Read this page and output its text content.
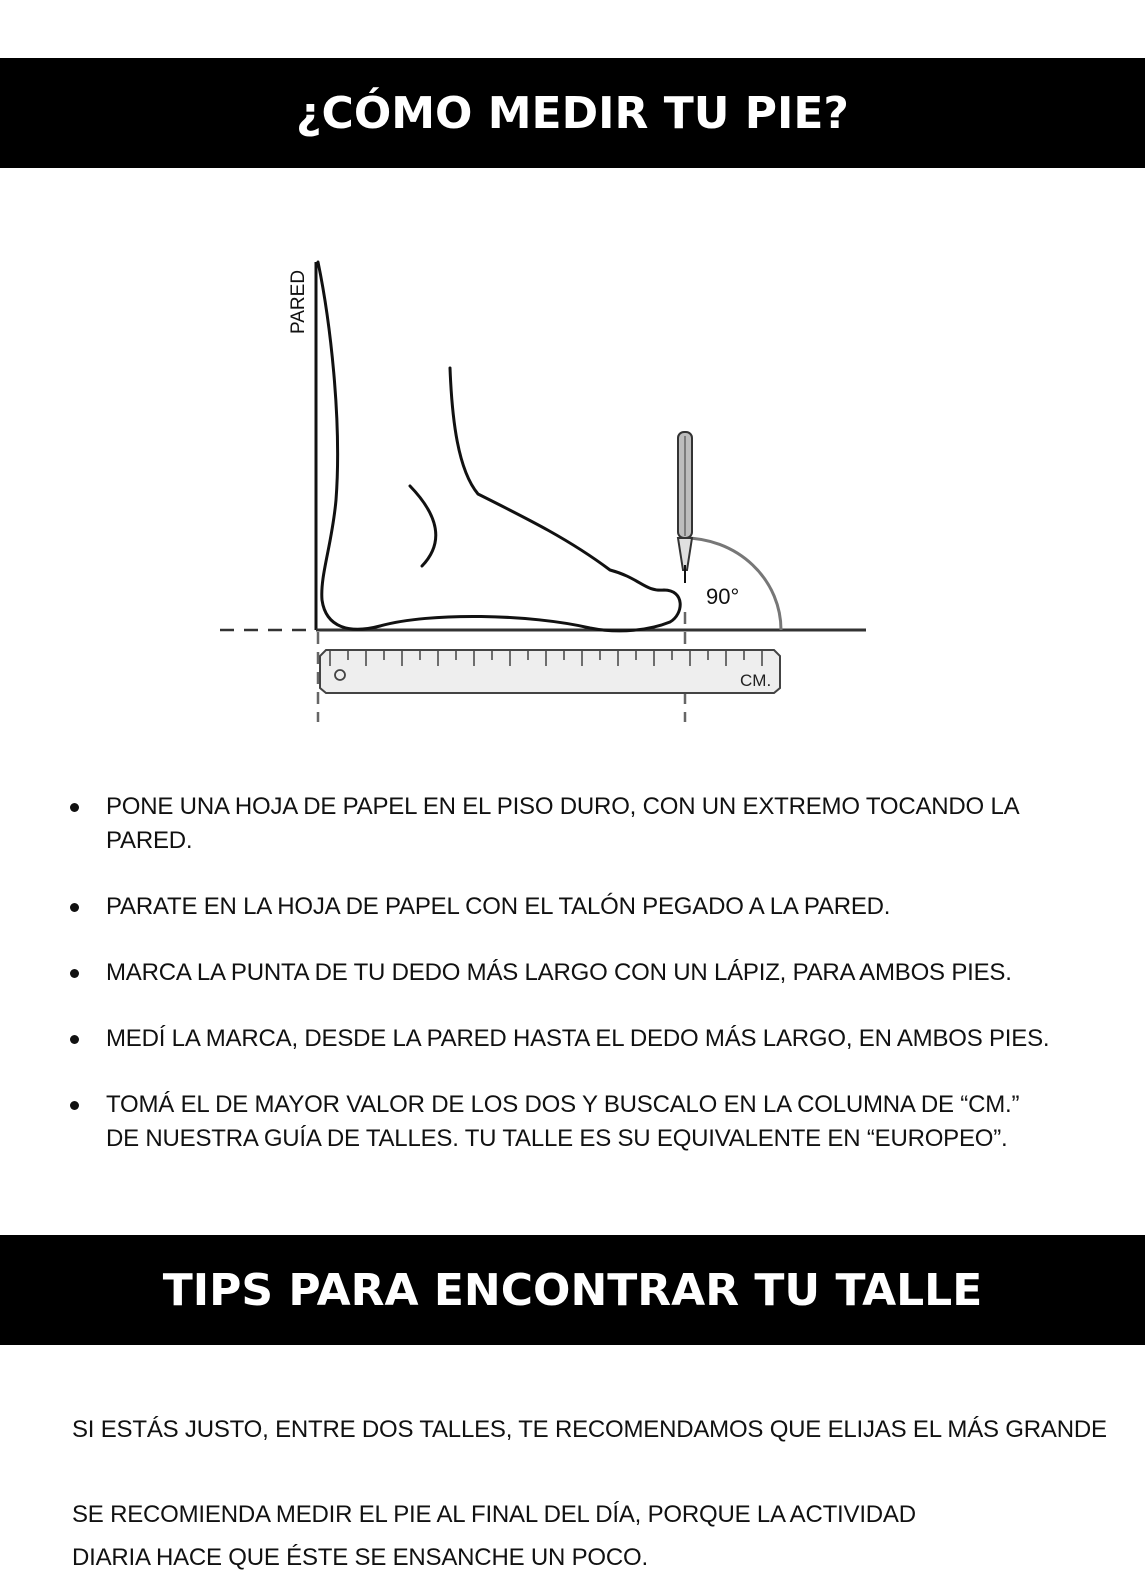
¿CÓMO MEDIR TU PIE?
PARED
90°
CM.
PONE UNA HOJA DE PAPEL EN EL PISO DURO, CON UN EXTREMO TOCANDO LA
PARED.
PARATE EN LA HOJA DE PAPEL CON EL TALÓN PEGADO A LA PARED.
MARCA LA PUNTA DE TU DEDO MÁS LARGO CON UN LÁPIZ, PARA AMBOS PIES.
MEDÍ LA MARCA, DESDE LA PARED HASTA EL DEDO MÁS LARGO, EN AMBOS PIES.
TOMÁ EL DE MAYOR VALOR DE LOS DOS Y BUSCALO EN LA COLUMNA DE “CM.”
DE NUESTRA GUÍA DE TALLES. TU TALLE ES SU EQUIVALENTE EN “EUROPEO”.
TIPS PARA ENCONTRAR TU TALLE

SI ESTÁS JUSTO, ENTRE DOS TALLES, TE RECOMENDAMOS QUE ELIJAS EL MÁS GRANDE

SE RECOMIENDA MEDIR EL PIE AL FINAL DEL DÍA, PORQUE LA ACTIVIDAD
DIARIA HACE QUE ÉSTE SE ENSANCHE UN POCO.
